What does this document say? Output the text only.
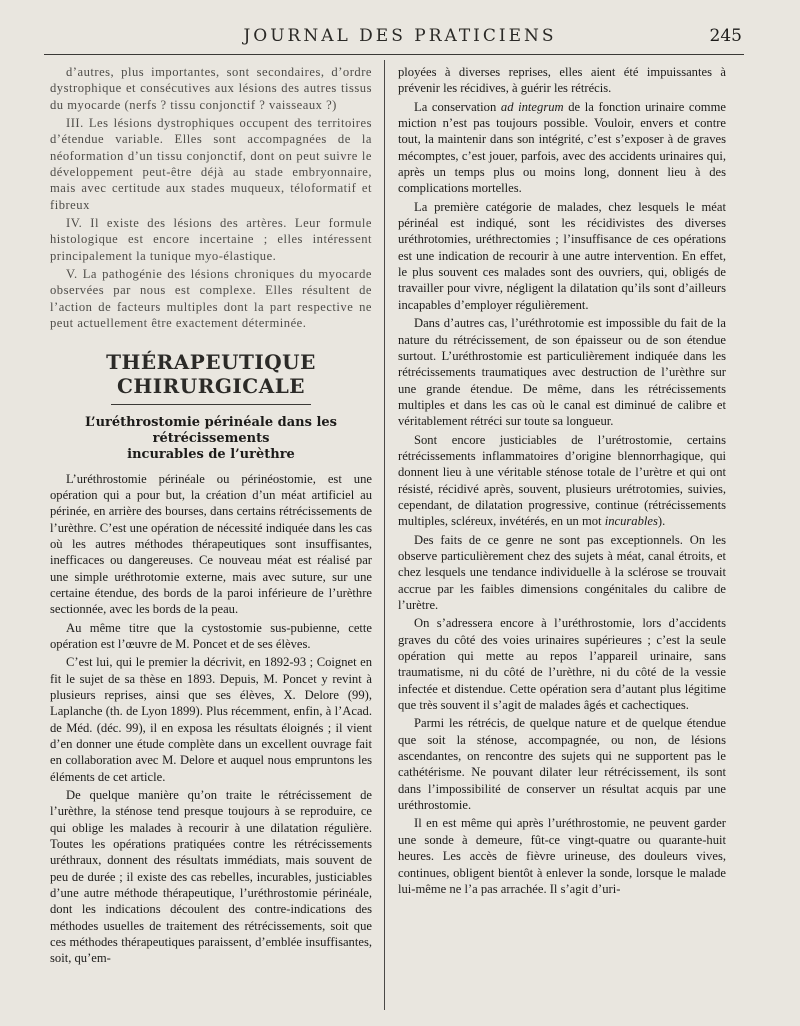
JOURNAL DES PRATICIENS	245

d’autres, plus importantes, sont secondaires, d’ordre dystrophique et consécutives aux lésions des autres tissus du myocarde (nerfs ? tissu conjonctif ? vaisseaux ?)

III. Les lésions dystrophiques occupent des territoires d’étendue variable. Elles sont accompagnées de la néoformation d’un tissu conjonctif, dont on peut suivre le développement peut-être déjà au stade embryonnaire, mais avec certitude aux stades muqueux, téloformatif et fibreux

IV. Il existe des lésions des artères. Leur formule histologique est encore incertaine ; elles intéressent principalement la tunique myo-élastique.

V. La pathogénie des lésions chroniques du myocarde observées par nous est complexe. Elles résultent de l’action de facteurs multiples dont la part respective ne peut actuellement être exactement déterminée.

THÉRAPEUTIQUE CHIRURGICALE
L’uréthrostomie périnéale dans les rétrécissements
incurables de l’urèthre

L’uréthrostomie périnéale ou périnéostomie, est une opération qui a pour but, la création d’un méat artificiel au périnée, en arrière des bourses, dans certains rétrécissements de l’urèthre. C’est une opération de nécessité indiquée dans les cas où les autres méthodes thérapeutiques sont insuffisantes, inefficaces ou dangereuses. Ce nouveau méat est réalisé par une simple uréthrotomie externe, mais avec suture, sur une certaine étendue, des bords de la paroi inférieure de l’urèthre sectionnée, avec les bords de la peau.

Au même titre que la cystostomie sus-pubienne, cette opération est l’œuvre de M. Poncet et de ses élèves.

C’est lui, qui le premier la décrivit, en 1892-93 ; Coignet en fit le sujet de sa thèse en 1893. Depuis, M. Poncet y revint à plusieurs reprises, ainsi que ses élèves, X. Delore (99), Laplanche (th. de Lyon 1899). Plus récemment, enfin, à l’Acad. de Méd. (déc. 99), il en exposa les résultats éloignés ; il vient d’en donner une étude complète dans un excellent ouvrage fait en collaboration avec M. Delore et auquel nous empruntons les éléments de cet article.

De quelque manière qu’on traite le rétrécissement de l’urèthre, la sténose tend presque toujours à se reproduire, ce qui oblige les malades à recourir à une dilatation régulière. Toutes les opérations pratiquées contre les rétrécissements uréthraux, donnent des résultats immédiats, mais souvent de peu de durée ; il existe des cas rebelles, incurables, justiciables d’une autre méthode thérapeutique, l’uréthrostomie périnéale, dont les indications découlent des contre-indications des méthodes usuelles de traitement des rétrécissements, soit que ces méthodes thérapeutiques paraissent, d’emblée insuffisantes, soit, qu’em-

ployées à diverses reprises, elles aient été impuissantes à prévenir les récidives, à guérir les rétrécis.

La conservation ad integrum de la fonction urinaire comme miction n’est pas toujours possible. Vouloir, envers et contre tout, la maintenir dans son intégrité, c’est s’exposer à de graves mécomptes, c’est jouer, parfois, avec des accidents urinaires qui, après un temps plus ou moins long, donnent lieu à des complications mortelles.

La première catégorie de malades, chez lesquels le méat périnéal est indiqué, sont les récidivistes des diverses uréthrotomies, uréthrectomies ; l’insuffisance de ces opérations est une indication de recourir à une autre intervention. En effet, le plus souvent ces malades sont des ouvriers, qui, obligés de travailler pour vivre, négligent la dilatation qu’ils sont d’ailleurs incapables d’employer régulièrement.

Dans d’autres cas, l’uréthrotomie est impossible du fait de la nature du rétrécissement, de son épaisseur ou de son étendue surtout. L’uréthrostomie est particulièrement indiquée dans les rétrécissements traumatiques avec destruction de l’urèthre sur une grande étendue. De même, dans les rétrécissements multiples et dans les cas où le canal est diminué de calibre et véritablement rétréci sur toute sa longueur.

Sont encore justiciables de l’urétrostomie, certains rétrécissements inflammatoires d’origine blennorrhagique, qui donnent lieu à une véritable sténose totale de l’urètre et qui ont résisté, récidivé après, souvent, plusieurs urétrotomies, suivies, cependant, de dilatation progressive, continue (rétrécissements multiples, scléreux, invétérés, en un mot incurables).

Des faits de ce genre ne sont pas exceptionnels. On les observe particulièrement chez des sujets à méat, canal étroits, et chez lesquels une tendance individuelle à la sclérose se trouvait accrue par les faibles dimensions congénitales du calibre de l’urètre.

On s’adressera encore à l’uréthrostomie, lors d’accidents graves du côté des voies urinaires supérieures ; c’est la seule opération qui mette au repos l’appareil urinaire, sans traumatisme, ni du côté de l’urèthre, ni du côté de la vessie infectée et distendue. Cette opération sera d’autant plus légitime que très souvent il s’agit de malades âgés et cachectiques.

Parmi les rétrécis, de quelque nature et de quelque étendue que soit la sténose, accompagnée, ou non, de lésions ascendantes, on rencontre des sujets qui ne supportent pas le cathétérisme. Ne pouvant dilater leur rétrécissement, ils sont dans l’impossibilité de conserver un résultat acquis par une uréthrostomie.

Il en est même qui après l’uréthrostomie, ne peuvent garder une sonde à demeure, fût-ce vingt-quatre ou quarante-huit heures. Les accès de fièvre urineuse, des douleurs vives, continues, obligent bientôt à enlever la sonde, lorsque le malade lui-même ne l’a pas arrachée. Il s’agit d’uri-
